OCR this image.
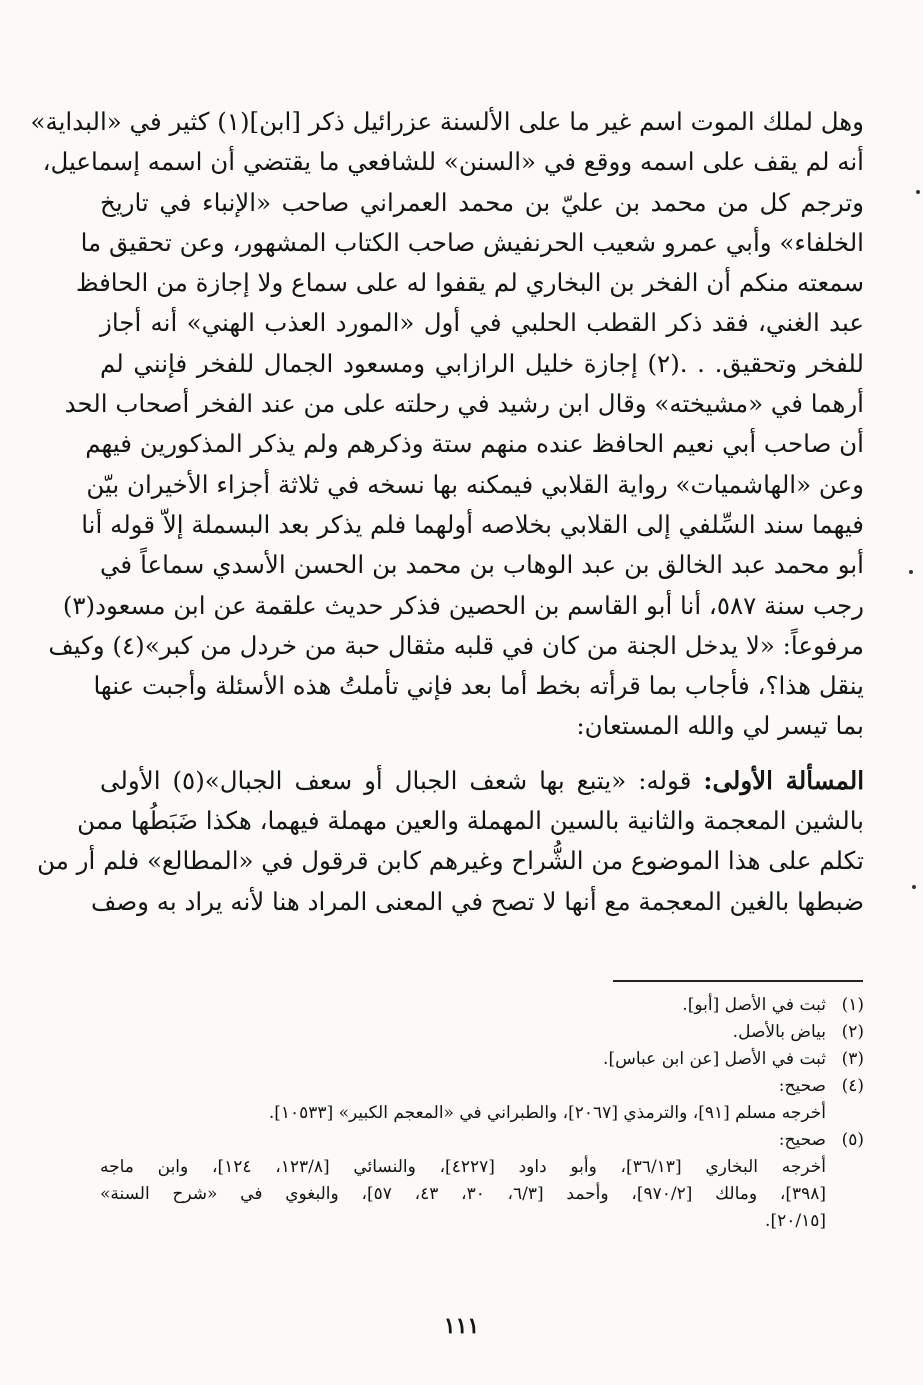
وهل لملك الموت اسم غير ما على الألسنة عزرائيل ذكر [ابن](١) كثير في «البداية»
أنه لم يقف على اسمه ووقع في «السنن» للشافعي ما يقتضي أن اسمه إسماعيل،
وترجم كل من محمد بن عليّ بن محمد العمراني صاحب «الإنباء في تاريخ
الخلفاء» وأبي عمرو شعيب الحرنفيش صاحب الكتاب المشهور، وعن تحقيق ما
سمعته منكم أن الفخر بن البخاري لم يقفوا له على سماع ولا إجازة من الحافظ
عبد الغني، فقد ذكر القطب الحلبي في أول «المورد العذب الهني» أنه أجاز
للفخر وتحقيق. . .(٢) إجازة خليل الرازابي ومسعود الجمال للفخر فإنني لم
أرهما في «مشيخته» وقال ابن رشيد في رحلته على من عند الفخر أصحاب الحد
أن صاحب أبي نعيم الحافظ عنده منهم ستة وذكرهم ولم يذكر المذكورين فيهم
وعن «الهاشميات» رواية القلابي فيمكنه بها نسخه في ثلاثة أجزاء الأخيران بيّن
فيهما سند السِّلفي إلى القلابي بخلاصه أولهما فلم يذكر بعد البسملة إلاّ قوله أنا
أبو محمد عبد الخالق بن عبد الوهاب بن محمد بن الحسن الأسدي سماعاً في
رجب سنة ٥٨٧، أنا أبو القاسم بن الحصين فذكر حديث علقمة عن ابن مسعود(٣)
مرفوعاً: «لا يدخل الجنة من كان في قلبه مثقال حبة من خردل من كبر»(٤) وكيف
ينقل هذا؟، فأجاب بما قرأته بخط أما بعد فإني تأملتُ هذه الأسئلة وأجبت عنها
بما تيسر لي والله المستعان:
المسألة الأولى: قوله: «يتبع بها شعف الجبال أو سعف الجبال»(٥) الأولى
بالشين المعجمة والثانية بالسين المهملة والعين مهملة فيهما، هكذا ضَبَطُها ممن
تكلم على هذا الموضوع من الشُّراح وغيرهم كابن قرقول في «المطالع» فلم أر من
ضبطها بالغين المعجمة مع أنها لا تصح في المعنى المراد هنا لأنه يراد به وصف
(١)
ثبت في الأصل [أبو].
(٢)
بياض بالأصل.
(٣)
ثبت في الأصل [عن ابن عباس].
(٤)
صحيح:
أخرجه مسلم [٩١]، والترمذي [٢٠٦٧]، والطبراني في «المعجم الكبير» [١٠٥٣٣].
(٥)
صحيح:
أخرجه البخاري [٣٦/١٣]، وأبو داود [٤٢٢٧]، والنسائي [١٢٣/٨، ١٢٤]، وابن ماجه
[٣٩٨]، ومالك [٩٧٠/٢]، وأحمد [٦/٣، ٣٠، ٤٣، ٥٧]، والبغوي في «شرح السنة»
[٢٠/١٥].
١١١
